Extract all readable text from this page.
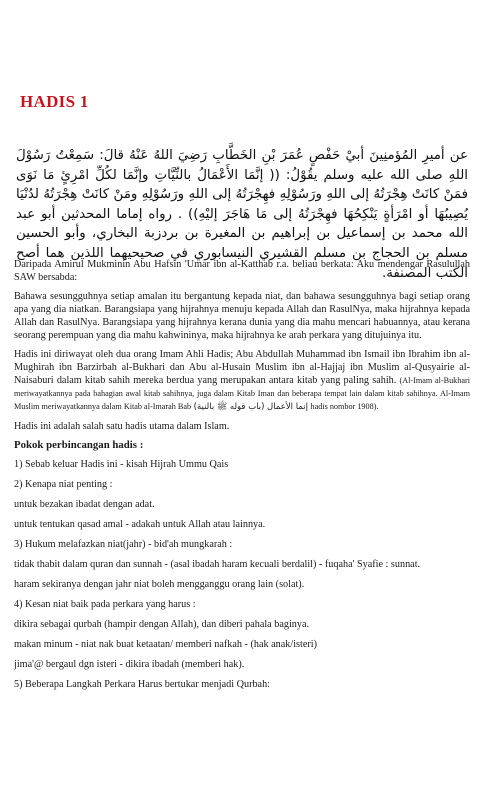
HADIS 1
عن أميرِ المُؤمنِينَ أبيْ حَفْصٍ عُمَرَ بْنِ الخَطَّابِ رَضِيَ اللهُ عَنْهُ قالَ: سَمِعْتُ رَسُوْلَ اللهِ صلى الله عليه وسلم يقُوْلُ: (( إنَّمَا الأَعْمَالُ بالنِّيَّاتِ وإنَّمَا لكُلِّ امْرِئٍ مَا نَوَى فمَنْ كانَتْ هِجْرَتُهُ إلى اللهِ ورَسُوْلِهِ فهِجْرَتُهُ إلى اللهِ ورَسُوْلِهِ ومَنْ كانَتْ هِجْرَتُهُ لدُنْيَا يُصِيبُهَا أو امْرَأةٍ يَنْكِحُهَا فهِجْرَتُهُ إلى مَا هَاجَرَ إليْهِ)) . رواه إماما المحدثين أبو عبد الله محمد بن إسماعيل بن إبراهيم بن المغيرة بن بردزبة البخاري، وأبو الحسين مسلم بن الحجاج بن مسلم القشيري النيسابوري في صحيحيهما اللذين هما أصح الكتب المصنفة.

Daripada Amirul Mukminin Abu Hafsin 'Umar ibn al-Katthab r.a. beliau berkata: Aku mendengar Rasulullah SAW bersabda:

Bahawa sesungguhnya setiap amalan itu bergantung kepada niat, dan bahawa sesungguhnya bagi setiap orang apa yang dia niatkan. Barangsiapa yang hijrahnya menuju kepada Allah dan RasulNya, maka hijrahnya kepada Allah dan RasulNya. Barangsiapa yang hijrahnya kerana dunia yang dia mahu mencari habuannya, atau kerana seorang perempuan yang dia mahu kahwininya, maka hijrahnya ke arah perkara yang ditujuinya itu.

Hadis ini diriwayat oleh dua orang Imam Ahli Hadis; Abu Abdullah Muhammad ibn Ismail ibn Ibrahim ibn al-Mughirah ibn Barzirbah al-Bukhari dan Abu al-Husain Muslim ibn al-Hajjaj ibn Muslim al-Qusyairie al-Naisaburi dalam kitab sahih mereka berdua yang merupakan antara kitab yang paling sahih. (Al-Imam al-Bukhari meriwayatkannya pada bahagian awal kitab sahihnya, juga dalam Kitab Iman dan beberapa tempat lain dalam kitab sahihnya. Al-Imam Muslim meriwayatkannya dalam Kitab al-Imarah Bab	إنما الأعمال (باب قوله ﷺ بالنية)	hadis nombor 1908).

Hadis ini adalah salah satu hadis utama dalam Islam.

Pokok perbincangan hadis :

1) Sebab keluar Hadis ini - kisah Hijrah Ummu Qais
2) Kenapa niat penting :
untuk bezakan ibadat dengan adat.
untuk tentukan qasad amal - adakah untuk Allah atau lainnya.
3) Hukum melafazkan niat(jahr) - bid'ah mungkarah :
tidak thabit dalam quran dan sunnah - (asal ibadah haram kecuali berdalil) - fuqaha' Syafie : sunnat.
haram sekiranya dengan jahr niat boleh mengganggu orang lain (solat).
4) Kesan niat baik pada perkara yang harus :
dikira sebagai qurbah (hampir dengan Allah), dan diberi pahala baginya.
makan minum - niat nak buat ketaatan/ memberi nafkah - (hak anak/isteri)
jima'@ bergaul dgn isteri - dikira ibadah (memberi hak).
5) Beberapa Langkah Perkara Harus bertukar menjadi Qurbah:
